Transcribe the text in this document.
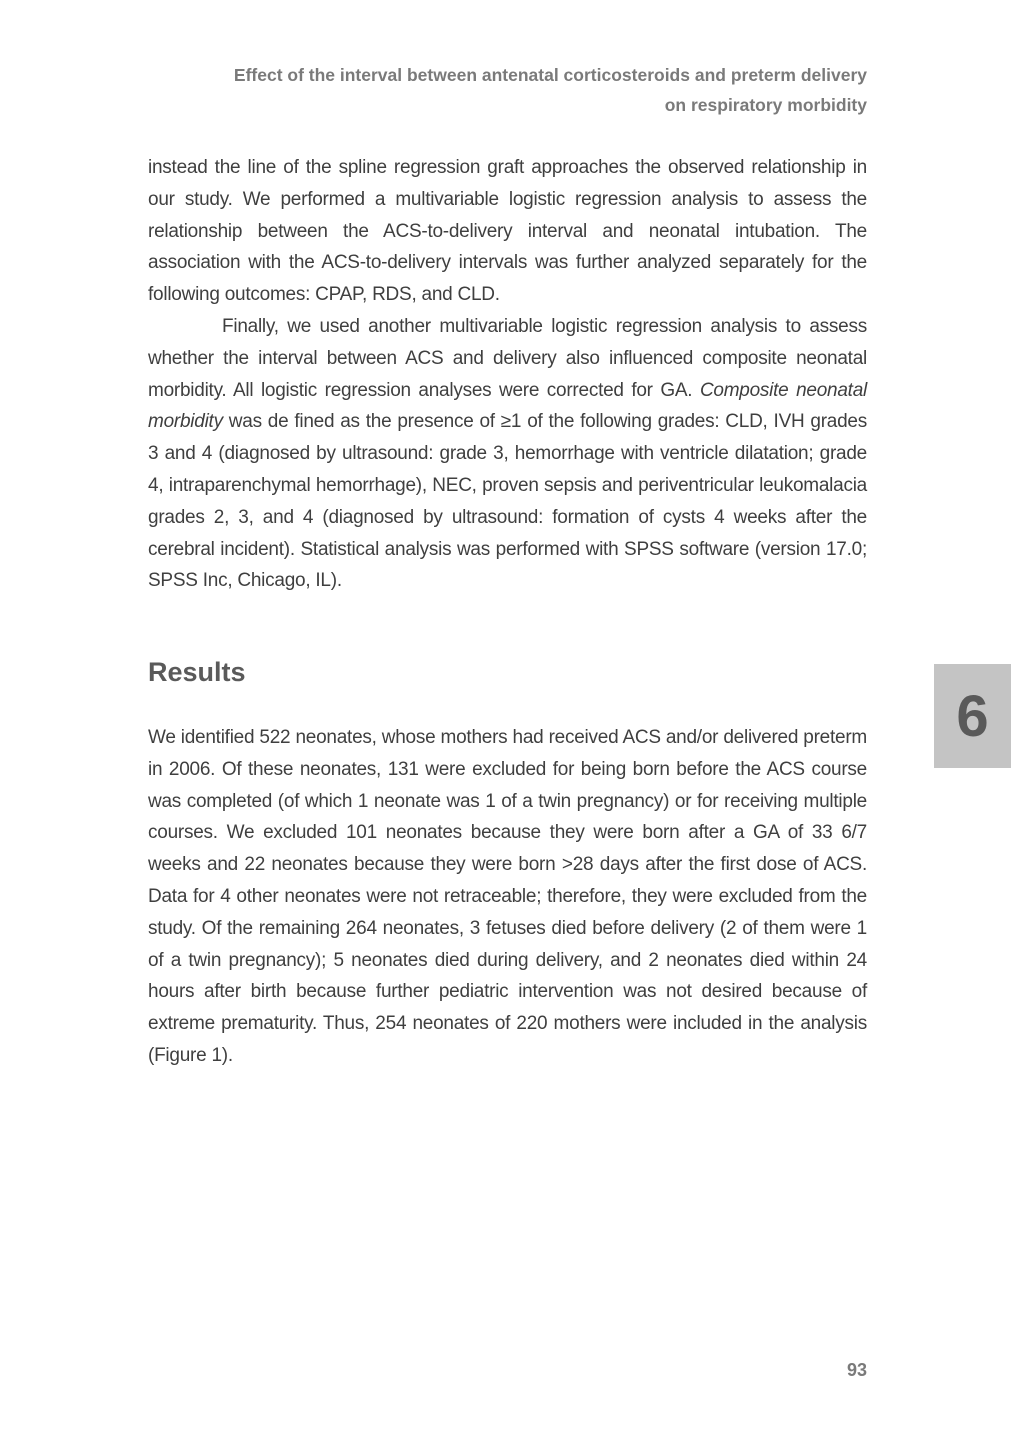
Effect of the interval between antenatal corticosteroids and preterm delivery
on respiratory morbidity

instead the line of the spline regression graft approaches the observed relationship in our study. We performed a multivariable logistic regression analysis to assess the relationship between the ACS-to-delivery interval and neonatal intubation. The association with the ACS-to-delivery intervals was further analyzed separately for the following outcomes: CPAP, RDS, and CLD.

Finally, we used another multivariable logistic regression analysis to assess whether the interval between ACS and delivery also influenced composite neonatal morbidity. All logistic regression analyses were corrected for GA. Composite neonatal morbidity was de fined as the presence of ≥1 of the following grades: CLD, IVH grades 3 and 4 (diagnosed by ultrasound: grade 3, hemorrhage with ventricle dilatation; grade 4, intraparenchymal hemorrhage), NEC, proven sepsis and periventricular leukomalacia grades 2, 3, and 4 (diagnosed by ultrasound: formation of cysts 4 weeks after the cerebral incident). Statistical analysis was performed with SPSS software (version 17.0; SPSS Inc, Chicago, IL).

Results

We identified 522 neonates, whose mothers had received ACS and/or delivered preterm in 2006. Of these neonates, 131 were excluded for being born before the ACS course was completed (of which 1 neonate was 1 of a twin pregnancy) or for receiving multiple courses. We excluded 101 neonates because they were born after a GA of 33 6/7 weeks and 22 neonates because they were born >28 days after the first dose of ACS. Data for 4 other neonates were not retraceable; therefore, they were excluded from the study. Of the remaining 264 neonates, 3 fetuses died before delivery (2 of them were 1 of a twin pregnancy); 5 neonates died during delivery, and 2 neonates died within 24 hours after birth because further pediatric intervention was not desired because of extreme prematurity. Thus, 254 neonates of 220 mothers were included in the analysis (Figure 1).

6
93
